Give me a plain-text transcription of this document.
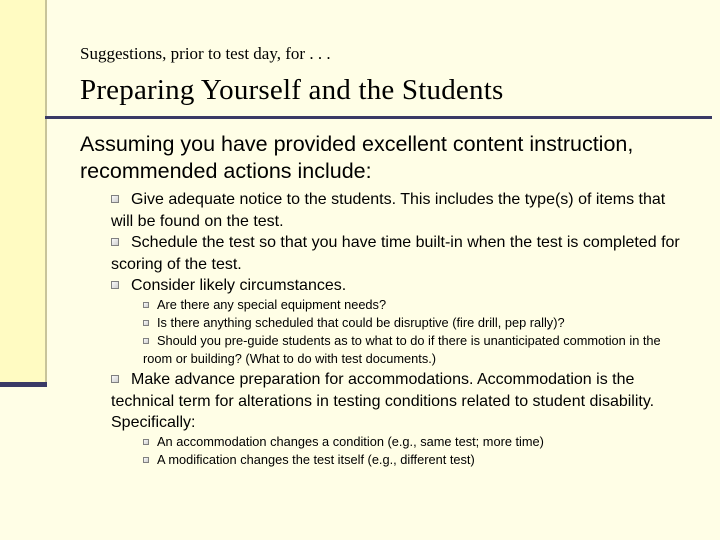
Suggestions, prior to test day, for . . .
Preparing Yourself and the Students
Assuming you have provided excellent content instruction, recommended actions include:
Give adequate notice to the students. This includes the type(s) of items that will be found on the test.
Schedule the test so that you have time built-in when the test is completed for scoring of the test.
Consider likely circumstances.
Are there any special equipment needs?
Is there anything scheduled that could be disruptive (fire drill, pep rally)?
Should you pre-guide students as to what to do if there is unanticipated commotion in the room or building? (What to do with test documents.)
Make advance preparation for accommodations. Accommodation is the technical term for alterations in testing conditions related to student disability. Specifically:
An accommodation changes a condition (e.g., same test; more time)
A modification changes the test itself (e.g., different test)
